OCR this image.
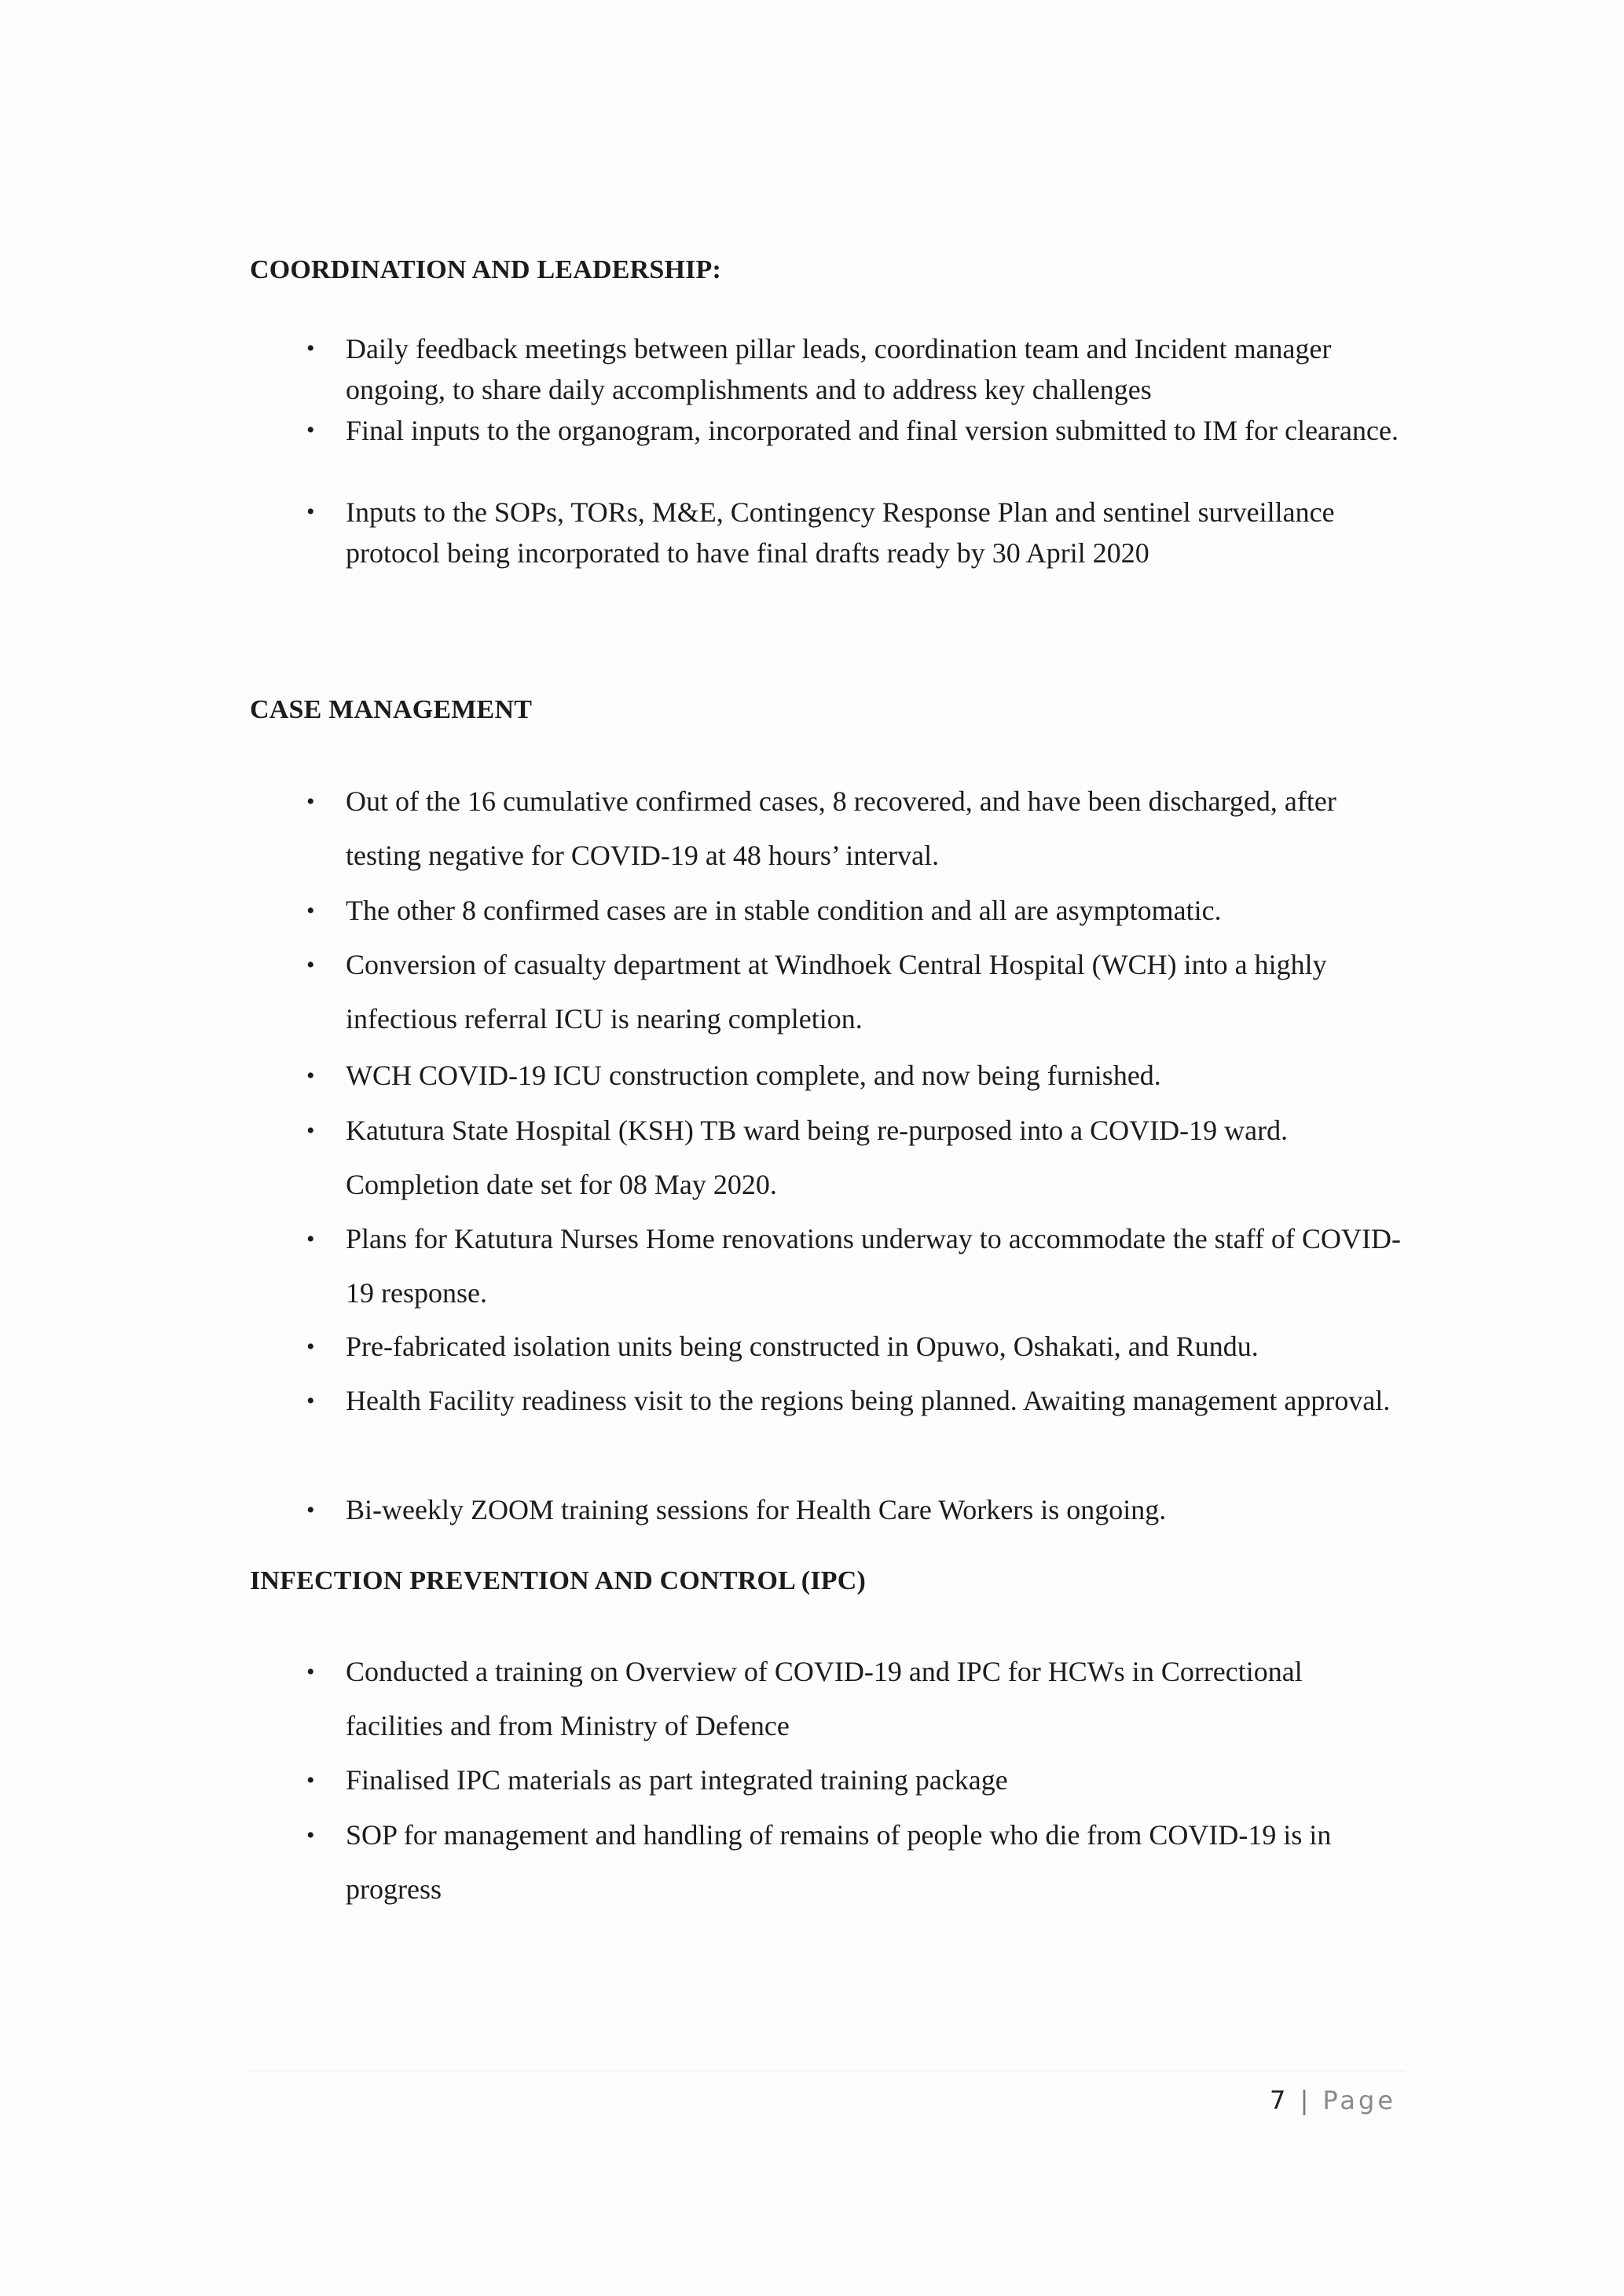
COORDINATION AND LEADERSHIP:
• Daily feedback meetings between pillar leads, coordination team and Incident manager ongoing, to share daily accomplishments and to address key challenges
• Final inputs to the organogram, incorporated and final version submitted to IM for clearance.
• Inputs to the SOPs, TORs, M&E, Contingency Response Plan and sentinel surveillance protocol being incorporated to have final drafts ready by 30 April 2020
CASE MANAGEMENT
• Out of the 16 cumulative confirmed cases, 8 recovered, and have been discharged, after testing negative for COVID-19 at 48 hours’ interval.
• The other 8 confirmed cases are in stable condition and all are asymptomatic.
• Conversion of casualty department at Windhoek Central Hospital (WCH) into a highly infectious referral ICU is nearing completion.
• WCH COVID-19 ICU construction complete, and now being furnished.
• Katutura State Hospital (KSH) TB ward being re-purposed into a COVID-19 ward. Completion date set for 08 May 2020.
• Plans for Katutura Nurses Home renovations underway to accommodate the staff of COVID-19 response.
• Pre-fabricated isolation units being constructed in Opuwo, Oshakati, and Rundu.
• Health Facility readiness visit to the regions being planned. Awaiting management approval.
• Bi-weekly ZOOM training sessions for Health Care Workers is ongoing.
INFECTION PREVENTION AND CONTROL (IPC)
• Conducted a training on Overview of COVID-19 and IPC for HCWs in Correctional facilities and from Ministry of Defence
• Finalised IPC materials as part integrated training package
• SOP for management and handling of remains of people who die from COVID-19 is in progress
7 | Page
